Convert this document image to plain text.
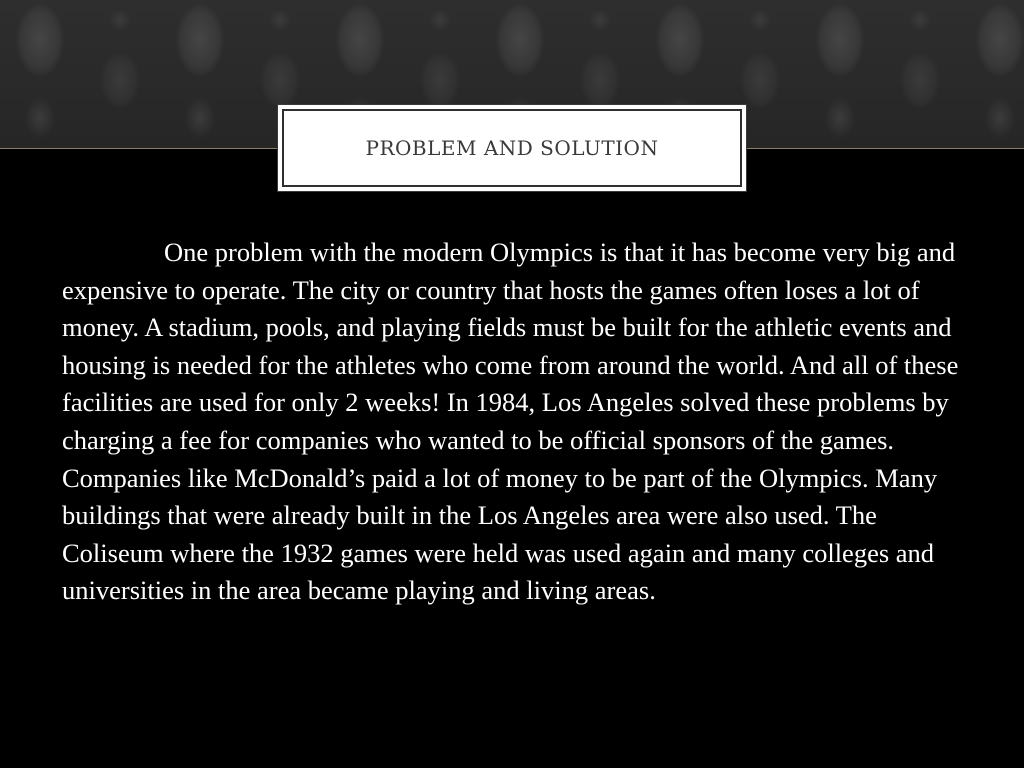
PROBLEM AND SOLUTION

One problem with the modern Olympics is that it has become very big and expensive to operate. The city or country that hosts the games often loses a lot of money. A stadium, pools, and playing fields must be built for the athletic events and housing is needed for the athletes who come from around the world. And all of these facilities are used for only 2 weeks! In 1984, Los Angeles solved these problems by charging a fee for companies who wanted to be official sponsors of the games. Companies like McDonald’s paid a lot of money to be part of the Olympics. Many buildings that were already built in the Los Angeles area were also used. The Coliseum where the 1932 games were held was used again and many colleges and universities in the area became playing and living areas.
